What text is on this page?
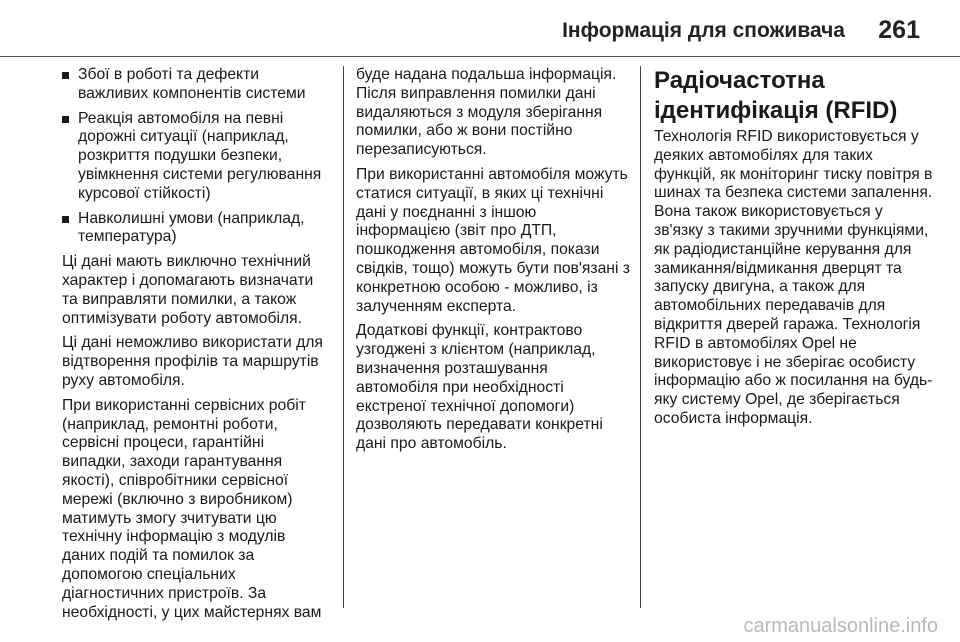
Інформація для споживача 261
Збої в роботі та дефекти важливих компонентів системи
Реакція автомобіля на певні дорожні ситуації (наприклад, розкриття подушки безпеки, увімкнення системи регулювання курсової стійкості)
Навколишні умови (наприклад, температура)

Ці дані мають виключно технічний характер і допомагають визначати та виправляти помилки, а також оптимізувати роботу автомобіля.

Ці дані неможливо використати для відтворення профілів та маршрутів руху автомобіля.

При використанні сервісних робіт (наприклад, ремонтні роботи, сервісні процеси, гарантійні випадки, заходи гарантування якості), співробітники сервісної мережі (включно з виробником) матимуть змогу зчитувати цю технічну інформацію з модулів даних подій та помилок за допомогою спеціальних діагностичних пристроїв. За необхідності, у цих майстернях вам

буде надана подальша інформація. Після виправлення помилки дані видаляються з модуля зберігання помилки, або ж вони постійно перезаписуються.

При використанні автомобіля можуть статися ситуації, в яких ці технічні дані у поєднанні з іншою інформацією (звіт про ДТП, пошкодження автомобіля, покази свідків, тощо) можуть бути пов'язані з конкретною особою - можливо, із залученням експерта.

Додаткові функції, контрактово узгоджені з клієнтом (наприклад, визначення розташування автомобіля при необхідності екстреної технічної допомоги) дозволяють передавати конкретні дані про автомобіль.

Радіочастотна ідентифікація (RFID)

Технологія RFID використовується у деяких автомобілях для таких функцій, як моніторинг тиску повітря в шинах та безпека системи запалення. Вона також використовується у зв'язку з такими зручними функціями, як радіодистанційне керування для замикання/відмикання дверцят та запуску двигуна, а також для автомобільних передавачів для відкриття дверей гаража. Технологія RFID в автомобілях Opel не використовує і не зберігає особисту інформацію або ж посилання на будь-яку систему Opel, де зберігається особиста інформація.

carmanualsonline.info
